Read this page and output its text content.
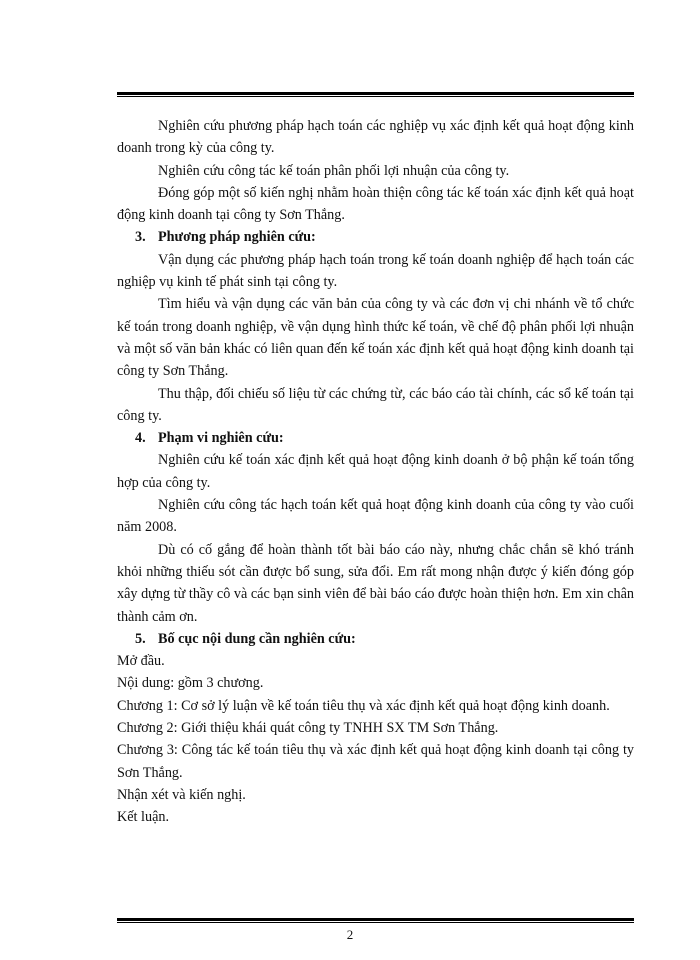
Nghiên cứu phương pháp hạch toán các nghiệp vụ xác định kết quả hoạt động kinh doanh trong kỳ của công ty.

Nghiên cứu công tác kế toán phân phối lợi nhuận của công ty.

Đóng góp một số kiến nghị nhằm hoàn thiện công tác kế toán xác định kết quả hoạt động kinh doanh tại công ty Sơn Thắng.

3. Phương pháp nghiên cứu:

Vận dụng các phương pháp hạch toán trong kế toán doanh nghiệp để hạch toán các nghiệp vụ kinh tế phát sinh tại công ty.

Tìm hiểu và vận dụng các văn bản của công ty và các đơn vị chi nhánh về tổ chức kế toán trong doanh nghiệp, về vận dụng hình thức kế toán, về chế độ phân phối lợi nhuận và một số văn bản khác có liên quan đến kế toán xác định kết quả hoạt động kinh doanh tại công ty Sơn Thắng.

Thu thập, đối chiếu số liệu từ các chứng từ, các báo cáo tài chính, các sổ kế toán tại công ty.

4. Phạm vi nghiên cứu:

Nghiên cứu kế toán xác định kết quả hoạt động kinh doanh ở bộ phận kế toán tổng hợp của công ty.

Nghiên cứu công tác hạch toán kết quả hoạt động kinh doanh của công ty vào cuối năm 2008.

Dù có cố gắng để hoàn thành tốt bài báo cáo này, nhưng chắc chắn sẽ khó tránh khỏi những thiếu sót cần được bổ sung, sửa đổi. Em rất mong nhận được ý kiến đóng góp xây dựng từ thầy cô và các bạn sinh viên để bài báo cáo được hoàn thiện hơn. Em xin chân thành cảm ơn.

5. Bố cục nội dung cần nghiên cứu:

Mở đầu.

Nội dung: gồm 3 chương.

Chương 1: Cơ sở lý luận về kế toán tiêu thụ và xác định kết quả hoạt động kinh doanh.

Chương 2: Giới thiệu khái quát công ty TNHH SX TM Sơn Thắng.

Chương 3: Công tác kế toán tiêu thụ và xác định kết quả hoạt động kinh doanh tại công ty Sơn Thắng.

Nhận xét và kiến nghị.

Kết luận.

2
